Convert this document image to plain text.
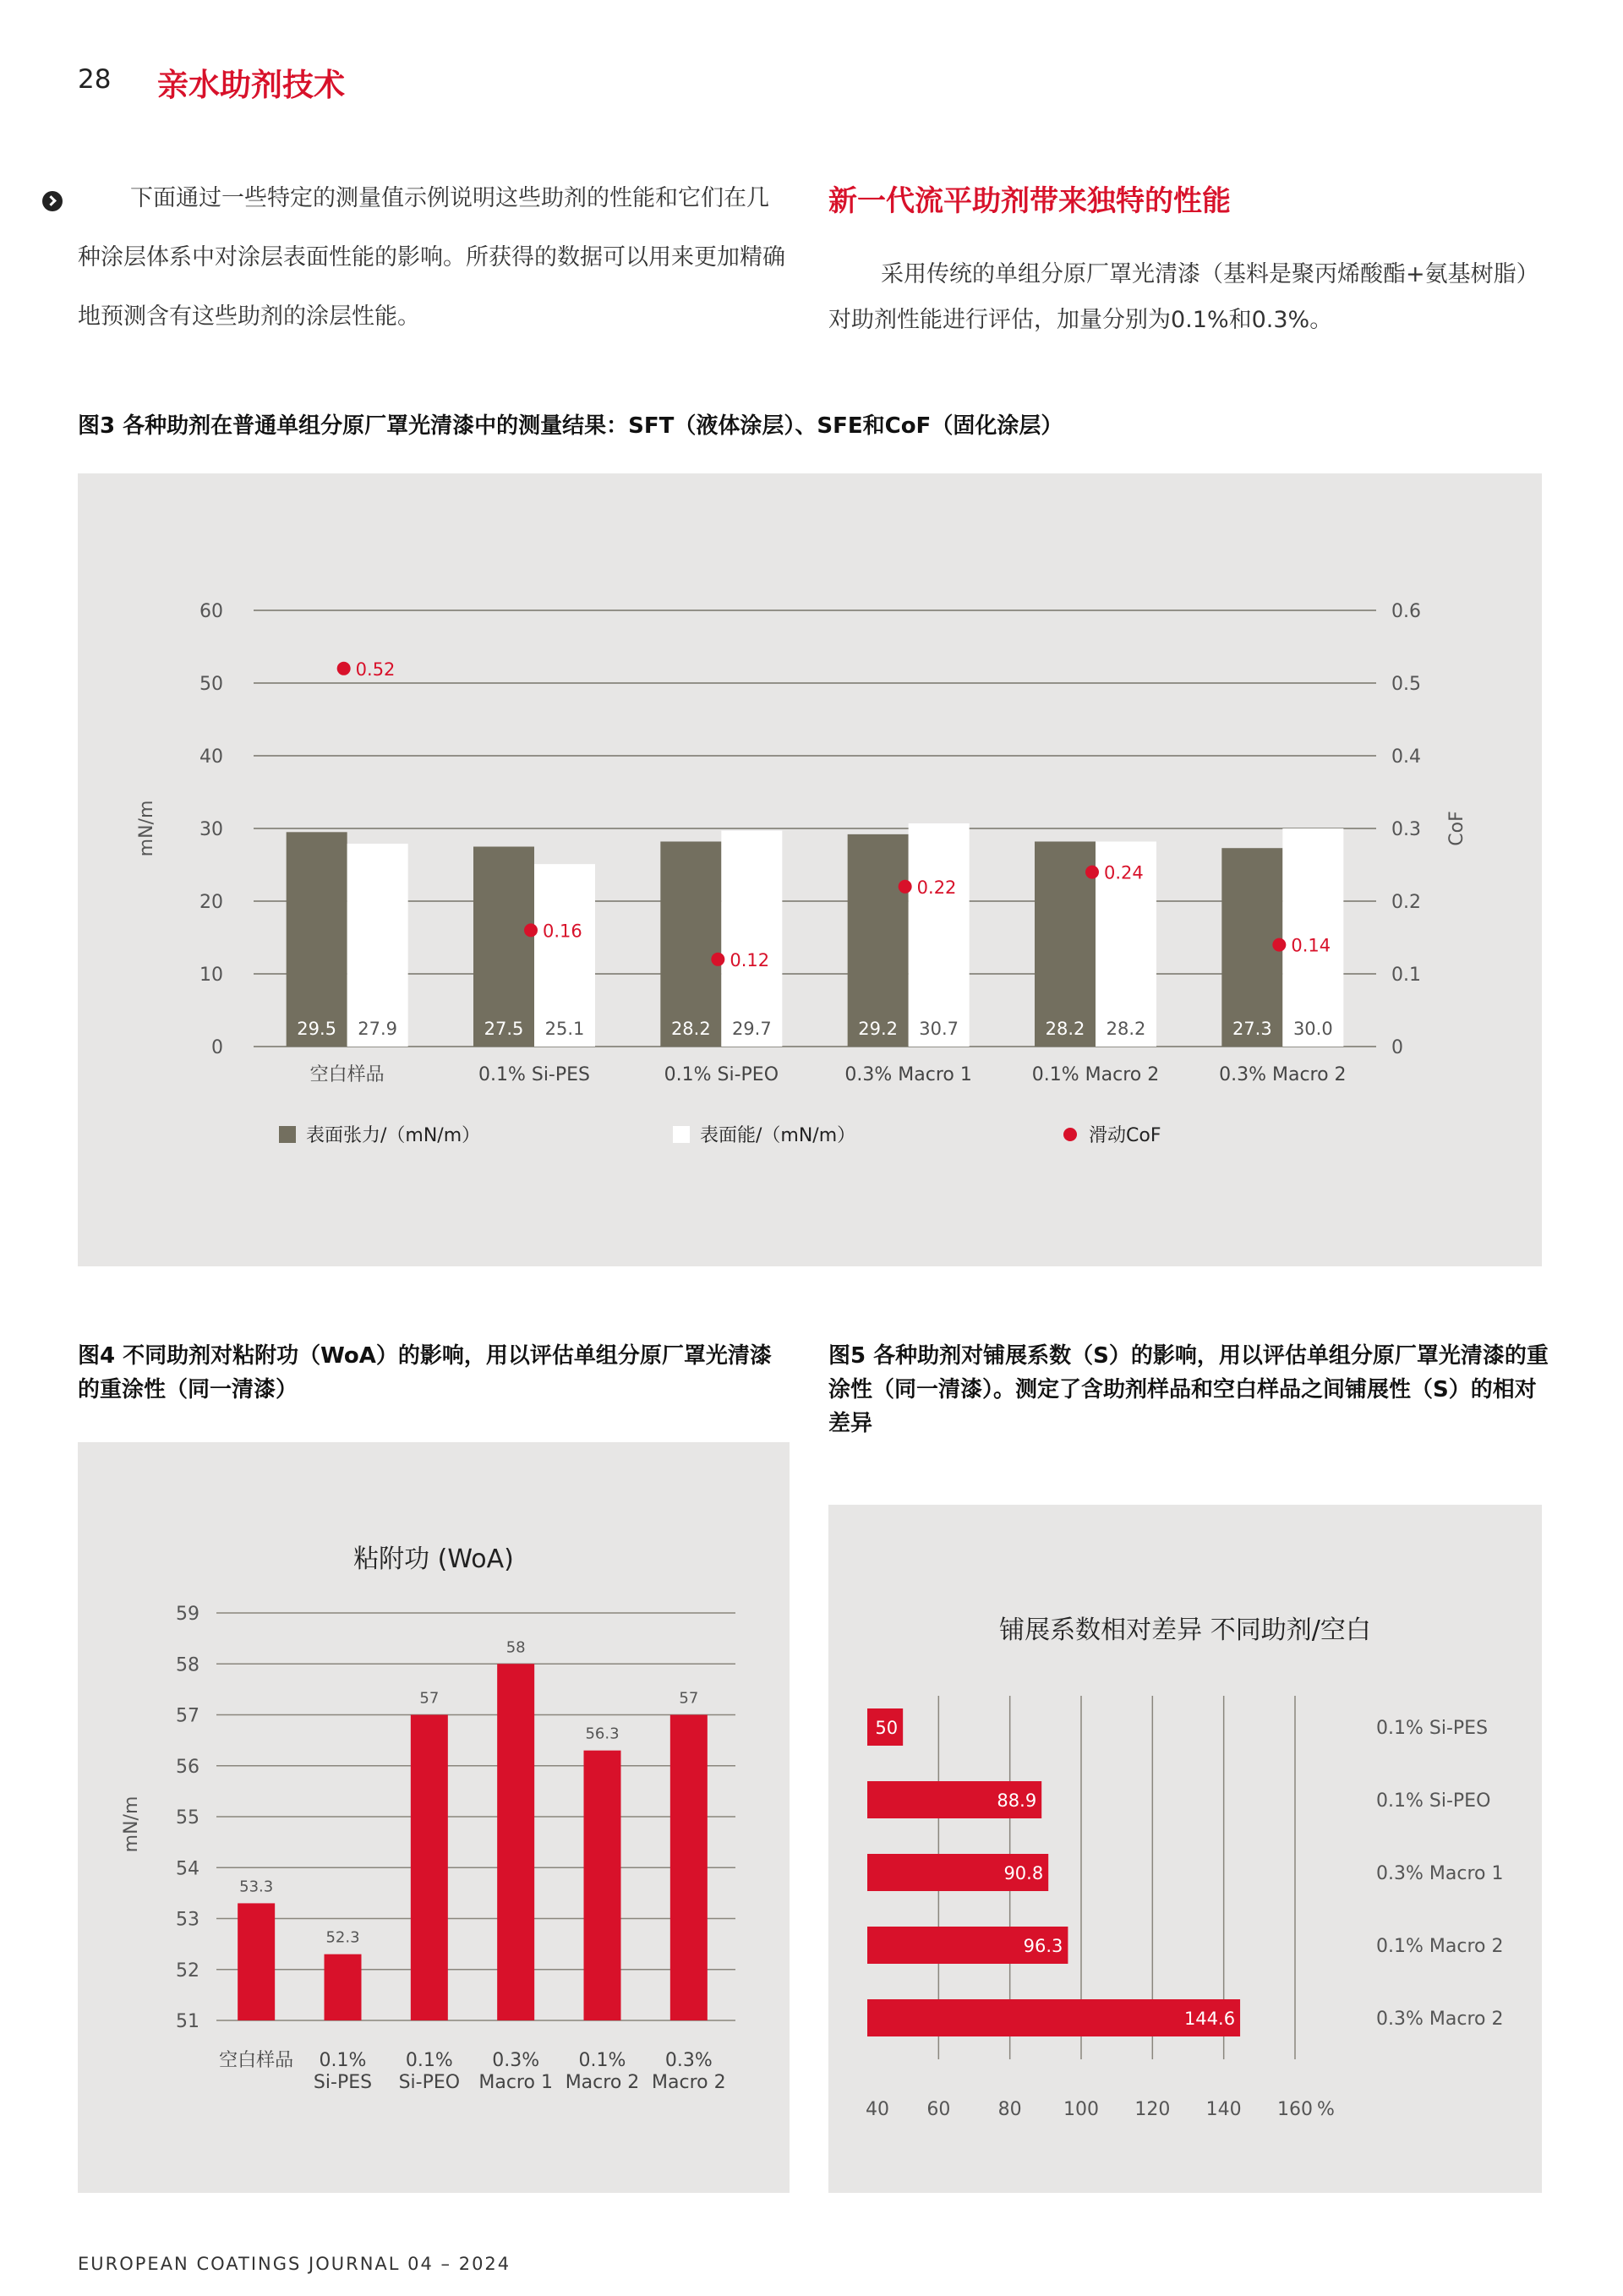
28 亲水助剂技术
下面通过一些特定的测量值示例说明这些助剂的性能和它们在几种涂层体系中对涂层表面性能的影响。所获得的数据可以用来更加精确地预测含有这些助剂的涂层性能。
新一代流平助剂带来独特的性能
采用传统的单组分原厂罩光清漆（基料是聚丙烯酸酯+氨基树脂）对助剂性能进行评估，加量分别为0.1%和0.3%。
图3 各种助剂在普通单组分原厂罩光清漆中的测量结果：SFT（液体涂层）、SFE和CoF（固化涂层）
0	0
10	0.1
20	0.2
30	0.3
40	0.4
50	0.5
60	0.6
mN/m	CoF
29.5 27.9
0.52
空白样品
27.5 25.1
0.16
0.1% Si-PES
28.2 29.7
0.12
0.1% Si-PEO
29.2 30.7
0.22
0.3% Macro 1
28.2 28.2
0.24
0.1% Macro 2
27.3 30.0
0.14
0.3% Macro 2
表面张力/（mN/m）	表面能/（mN/m）	滑动CoF
图4 不同助剂对粘附功（WoA）的影响，用以评估单组分原厂罩光清漆的重涂性（同一清漆）
粘附功 (WoA)
51
52
53
54
55
56
57
58
59
mN/m
53.3
空白样品
52.3
0.1%
Si-PES
57
0.1%
Si-PEO
58
0.3%
Macro 1
56.3
0.1%
Macro 2
57
0.3%
Macro 2
图5 各种助剂对铺展系数（S）的影响，用以评估单组分原厂罩光清漆的重涂性（同一清漆）。测定了含助剂样品和空白样品之间铺展性（S）的相对差异
铺展系数相对差异 不同助剂/空白
40 60	80 100 120 140 160 %
50	0.1% Si-PES
88.9	0.1% Si-PEO
90.8	0.3% Macro 1
96.3	0.1% Macro 2
144.6	0.3% Macro 2
EUROPEAN COATINGS JOURNAL 04 – 2024
